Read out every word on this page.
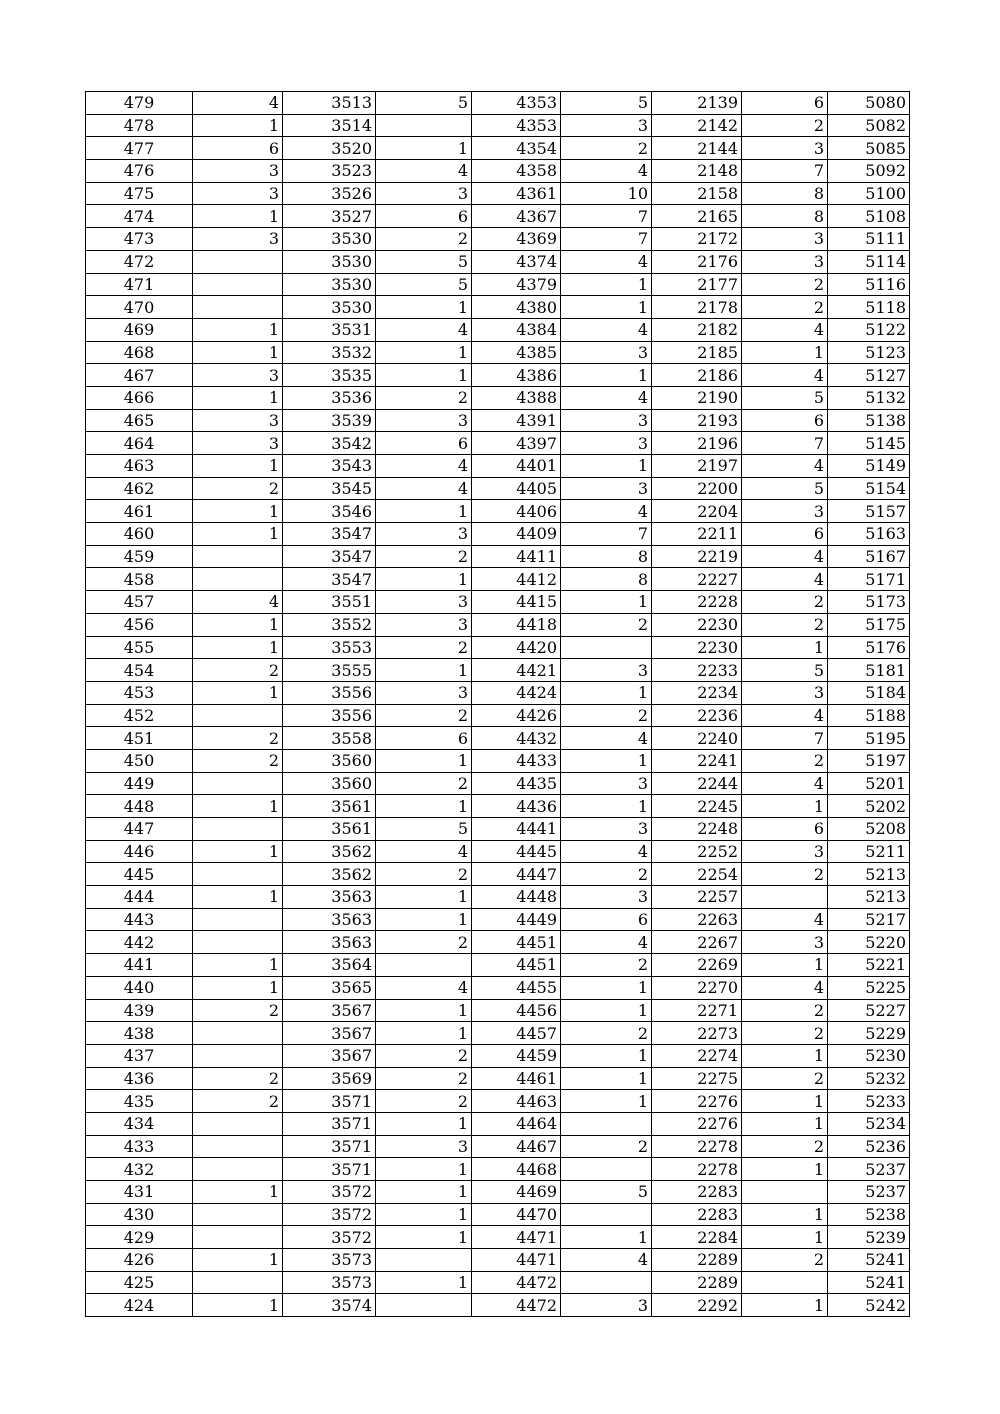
479	4	3513	5	4353	5	2139	6	5080
478	1	3514		4353	3	2142	2	5082
477	6	3520	1	4354	2	2144	3	5085
476	3	3523	4	4358	4	2148	7	5092
475	3	3526	3	4361	10	2158	8	5100
474	1	3527	6	4367	7	2165	8	5108
473	3	3530	2	4369	7	2172	3	5111
472		3530	5	4374	4	2176	3	5114
471		3530	5	4379	1	2177	2	5116
470		3530	1	4380	1	2178	2	5118
469	1	3531	4	4384	4	2182	4	5122
468	1	3532	1	4385	3	2185	1	5123
467	3	3535	1	4386	1	2186	4	5127
466	1	3536	2	4388	4	2190	5	5132
465	3	3539	3	4391	3	2193	6	5138
464	3	3542	6	4397	3	2196	7	5145
463	1	3543	4	4401	1	2197	4	5149
462	2	3545	4	4405	3	2200	5	5154
461	1	3546	1	4406	4	2204	3	5157
460	1	3547	3	4409	7	2211	6	5163
459		3547	2	4411	8	2219	4	5167
458		3547	1	4412	8	2227	4	5171
457	4	3551	3	4415	1	2228	2	5173
456	1	3552	3	4418	2	2230	2	5175
455	1	3553	2	4420		2230	1	5176
454	2	3555	1	4421	3	2233	5	5181
453	1	3556	3	4424	1	2234	3	5184
452		3556	2	4426	2	2236	4	5188
451	2	3558	6	4432	4	2240	7	5195
450	2	3560	1	4433	1	2241	2	5197
449		3560	2	4435	3	2244	4	5201
448	1	3561	1	4436	1	2245	1	5202
447		3561	5	4441	3	2248	6	5208
446	1	3562	4	4445	4	2252	3	5211
445		3562	2	4447	2	2254	2	5213
444	1	3563	1	4448	3	2257		5213
443		3563	1	4449	6	2263	4	5217
442		3563	2	4451	4	2267	3	5220
441	1	3564		4451	2	2269	1	5221
440	1	3565	4	4455	1	2270	4	5225
439	2	3567	1	4456	1	2271	2	5227
438		3567	1	4457	2	2273	2	5229
437		3567	2	4459	1	2274	1	5230
436	2	3569	2	4461	1	2275	2	5232
435	2	3571	2	4463	1	2276	1	5233
434		3571	1	4464		2276	1	5234
433		3571	3	4467	2	2278	2	5236
432		3571	1	4468		2278	1	5237
431	1	3572	1	4469	5	2283		5237
430		3572	1	4470		2283	1	5238
429		3572	1	4471	1	2284	1	5239
426	1	3573		4471	4	2289	2	5241
425		3573	1	4472		2289		5241
424	1	3574		4472	3	2292	1	5242
